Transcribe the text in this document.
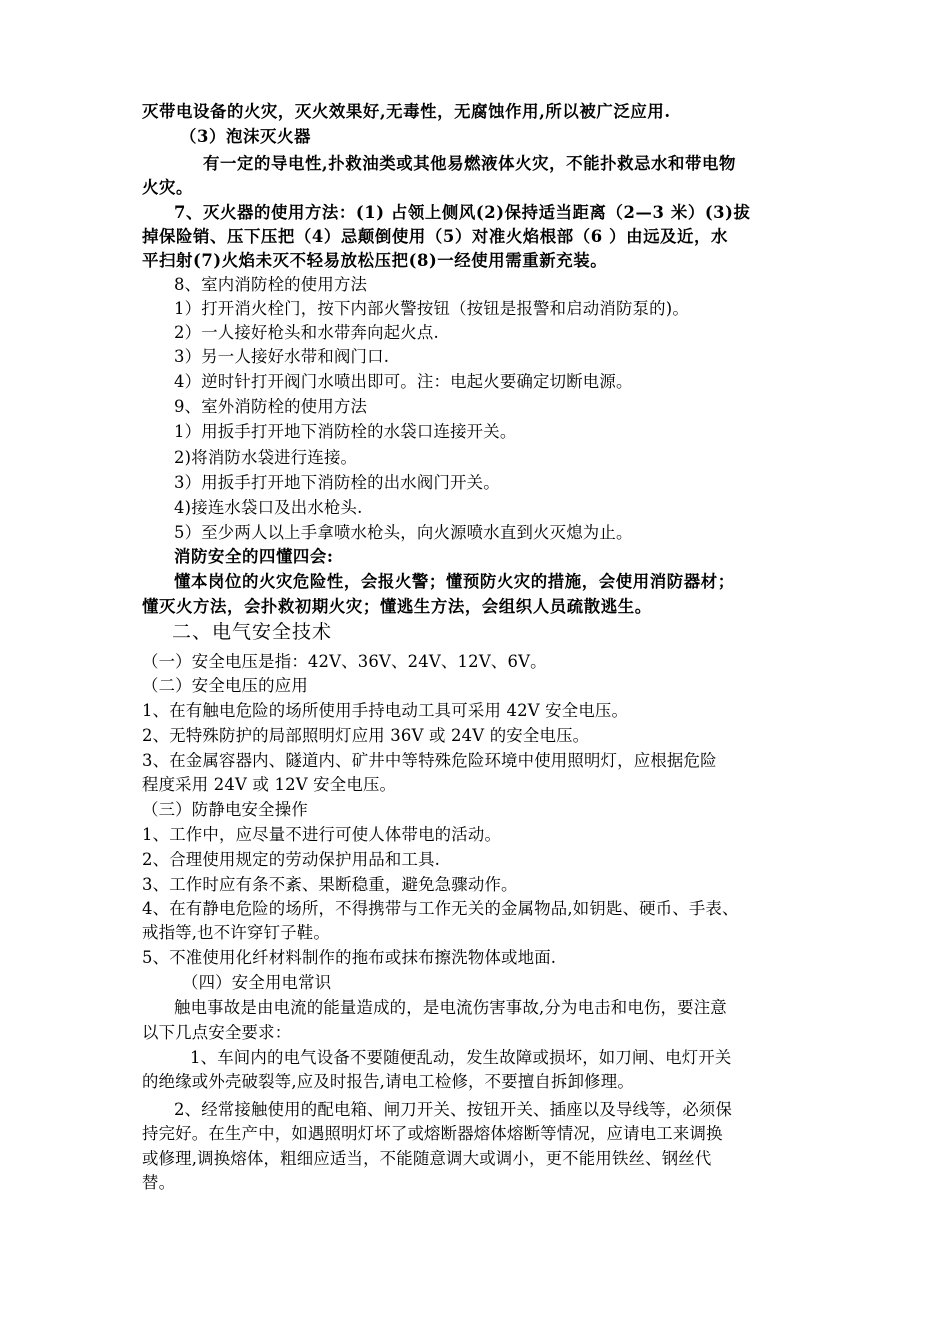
灭带电设备的火灾，灭火效果好,无毒性，无腐蚀作用,所以被广泛应用.
（3）泡沫灭火器
有一定的导电性,扑救油类或其他易燃液体火灾，不能扑救忌水和带电物
火灾。
7、灭火器的使用方法：(1) 占领上侧风(2)保持适当距离（2—3 米）(3)拔
掉保险销、压下压把（4）忌颠倒使用（5）对准火焰根部（6 ）由远及近，水
平扫射(7)火焰未灭不轻易放松压把(8)一经使用需重新充装。
8、室内消防栓的使用方法
1）打开消火栓门，按下内部火警按钮（按钮是报警和启动消防泵的)。
2）一人接好枪头和水带奔向起火点.
3）另一人接好水带和阀门口.
4）逆时针打开阀门水喷出即可。注：电起火要确定切断电源。
9、室外消防栓的使用方法
1）用扳手打开地下消防栓的水袋口连接开关。
2)将消防水袋进行连接。
3）用扳手打开地下消防栓的出水阀门开关。
4)接连水袋口及出水枪头.
5）至少两人以上手拿喷水枪头，向火源喷水直到火灭熄为止。
消防安全的四懂四会:
懂本岗位的火灾危险性，会报火警；懂预防火灾的措施，会使用消防器材；
懂灭火方法，会扑救初期火灾；懂逃生方法，会组织人员疏散逃生。
二、电气安全技术
（一）安全电压是指：42V、36V、24V、12V、6V。
（二）安全电压的应用
1、在有触电危险的场所使用手持电动工具可采用 42V 安全电压。
2、无特殊防护的局部照明灯应用 36V 或 24V 的安全电压。
3、在金属容器内、隧道内、矿井中等特殊危险环境中使用照明灯，应根据危险
程度采用 24V 或 12V 安全电压。
（三）防静电安全操作
1、工作中，应尽量不进行可使人体带电的活动。
2、合理使用规定的劳动保护用品和工具.
3、工作时应有条不紊、果断稳重，避免急骤动作。
4、在有静电危险的场所，不得携带与工作无关的金属物品,如钥匙、硬币、手表、
戒指等,也不许穿钉子鞋。
5、不准使用化纤材料制作的拖布或抹布擦洗物体或地面.
（四）安全用电常识
触电事故是由电流的能量造成的，是电流伤害事故,分为电击和电伤，要注意
以下几点安全要求：
1、车间内的电气设备不要随便乱动，发生故障或损坏，如刀闸、电灯开关
的绝缘或外壳破裂等,应及时报告,请电工检修，不要擅自拆卸修理。
2、经常接触使用的配电箱、闸刀开关、按钮开关、插座以及导线等，必须保
持完好。在生产中，如遇照明灯坏了或熔断器熔体熔断等情况，应请电工来调换
或修理,调换熔体，粗细应适当，不能随意调大或调小，更不能用铁丝、钢丝代
替。
